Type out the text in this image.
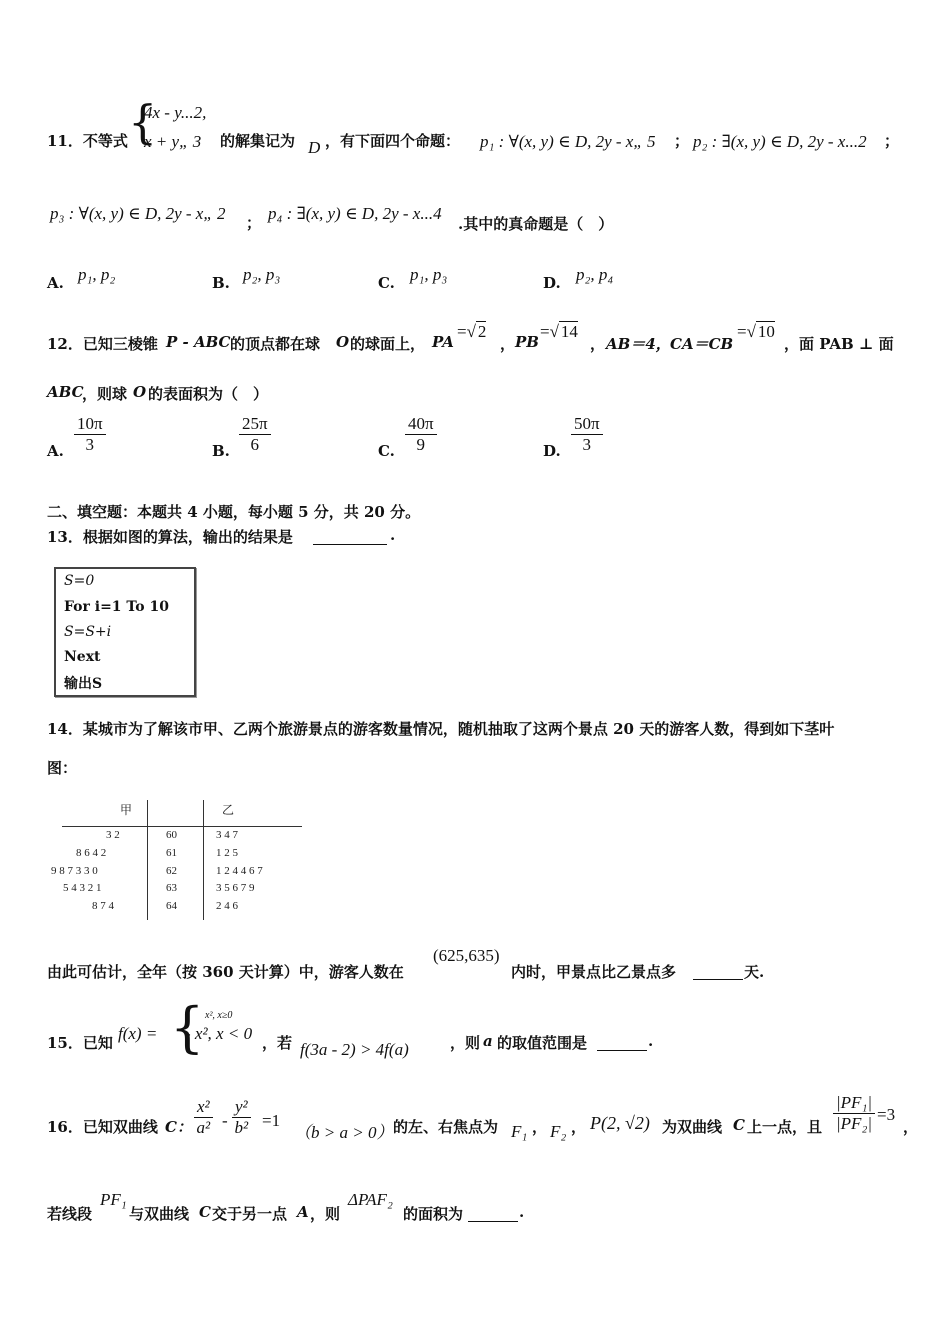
11．不等式 {
4x - y...2,
x + y„ 3 的解集记为 D ，有下面四个命题： p₁ : ∀(x, y) ∈ D, 2y - x„ 5 ； p₂ : ∃(x, y) ∈ D, 2y - x...2 ；
p₃ : ∀(x, y) ∈ D, 2y - x„ 2 ； p₄ : ∃(x, y) ∈ D, 2y - x...4
.其中的真命题是（　）
A. p₁, p₂	B. p₂, p₃	C. p₁, p₃	D. p₂, p₄
12．已知三棱锥 P - ABC 的顶点都在球 O 的球面上， PA
=√ 2
， PB
=√ 14
， AB＝4， CA＝CB
=√ 10
，面 PAB ⊥ 面
ABC
，则球 O 的表面积为（　）
A. $\frac{10\pi}{3}$	B. $\frac{25\pi}{6}$	C. $\frac{40\pi}{9}$	D. $\frac{50\pi}{3}$
二、填空题：本题共 4 小题，每小题 5 分，共 20 分。
13．根据如图的算法，输出的结果是	.
S=0
For i=1 To 10
S=S+i
Next
输出S
14．某城市为了解该市甲、乙两个旅游景点的游客数量情况，随机抽取了这两个景点 20 天的游客人数，得到如下茎叶
图：
甲	乙
3 2	60	3 4 7
8 6 4 2	61	1 2 5
9 8 7 3 3 0	62	1 2 4 4 6 7
5 4 3 2 1	63	3 5 6 7 9
8 7 4	64	2 4 6
由此可估计，全年（按 360 天计算）中，游客人数在
(625,635)
内时，甲景点比乙景点多	天.
15．已知 f(x) = { x², x≥0
- x², x < 0 ，若 f(3a - 2) > 4f(a)	，则 a 的取值范围是	.
16．已知双曲线 C： $\frac{\text{x²}}{\text{a²}} - \frac{\text{y²}}{\text{b²}} =1$
（b > a > 0） 的左、右焦点为 F₁ ， F₂ ， P(2, √2) 为双曲线 C 上一点，且 $\frac{\text{|PF₁|}}{\text{|PF₂|}} =3$
，
若线段
PF₁
与双曲线 C 交于另一点 A ，则
ΔPAF₂
的面积为	.
